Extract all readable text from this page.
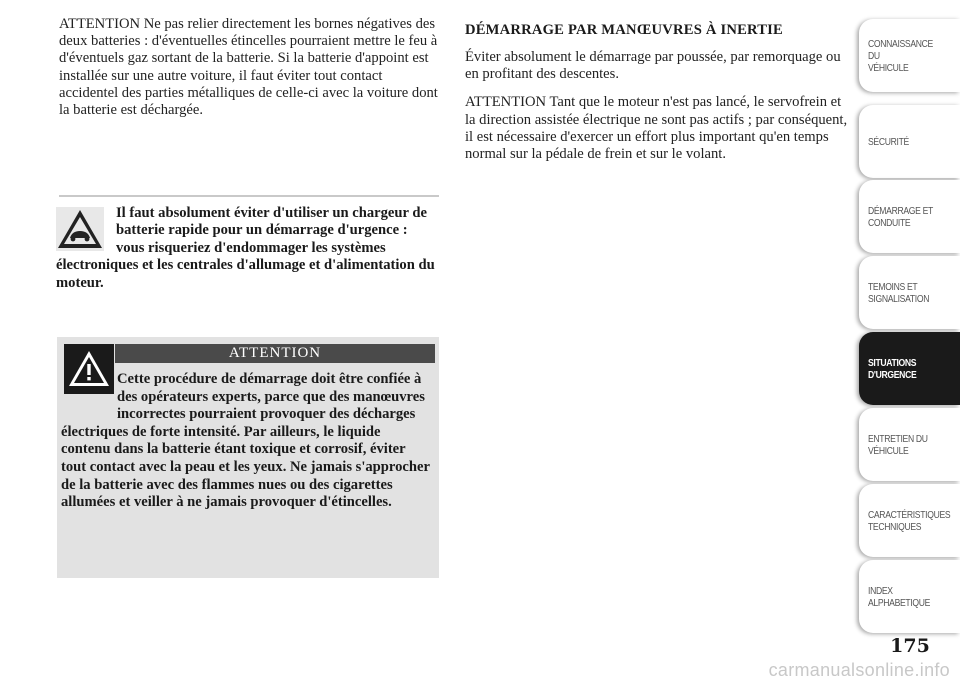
ATTENTION Ne pas relier directement les bornes négatives des deux batteries : d'éventuelles étincelles pourraient mettre le feu à d'éventuels gaz sortant de la batterie. Si la batterie d'appoint est installée sur une autre voiture, il faut éviter tout contact accidentel des parties métalliques de celle-ci avec la voiture dont la batterie est déchargée.

Il faut absolument éviter d'utiliser un chargeur de batterie rapide pour un démarrage d'urgence : vous risqueriez d'endommager les systèmes électroniques et les centrales d'allumage et d'alimentation du moteur.
ATTENTION
Cette procédure de démarrage doit être confiée à des opérateurs experts, parce que des manœuvres incorrectes pourraient provoquer des décharges électriques de forte intensité. Par ailleurs, le liquide contenu dans la batterie étant toxique et corrosif, éviter tout contact avec la peau et les yeux. Ne jamais s'approcher de la batterie avec des flammes nues ou des cigarettes allumées et veiller à ne jamais provoquer d'étincelles.
DÉMARRAGE PAR MANŒUVRES À INERTIE

Éviter absolument le démarrage par poussée, par remorquage ou en profitant des descentes.

ATTENTION Tant que le moteur n'est pas lancé, le servofrein et la direction assistée électrique ne sont pas actifs ; par conséquent, il est nécessaire d'exercer un effort plus important qu'en temps normal sur la pédale de frein et sur le volant.

CONNAISSANCE DU
VÉHICULE
SÉCURITÉ
DÉMARRAGE ET
CONDUITE
TEMOINS ET
SIGNALISATION
SITUATIONS
D'URGENCE
ENTRETIEN DU
VÉHICULE
CARACTÉRISTIQUES
TECHNIQUES
INDEX
ALPHABETIQUE
175
carmanualsonline.info
